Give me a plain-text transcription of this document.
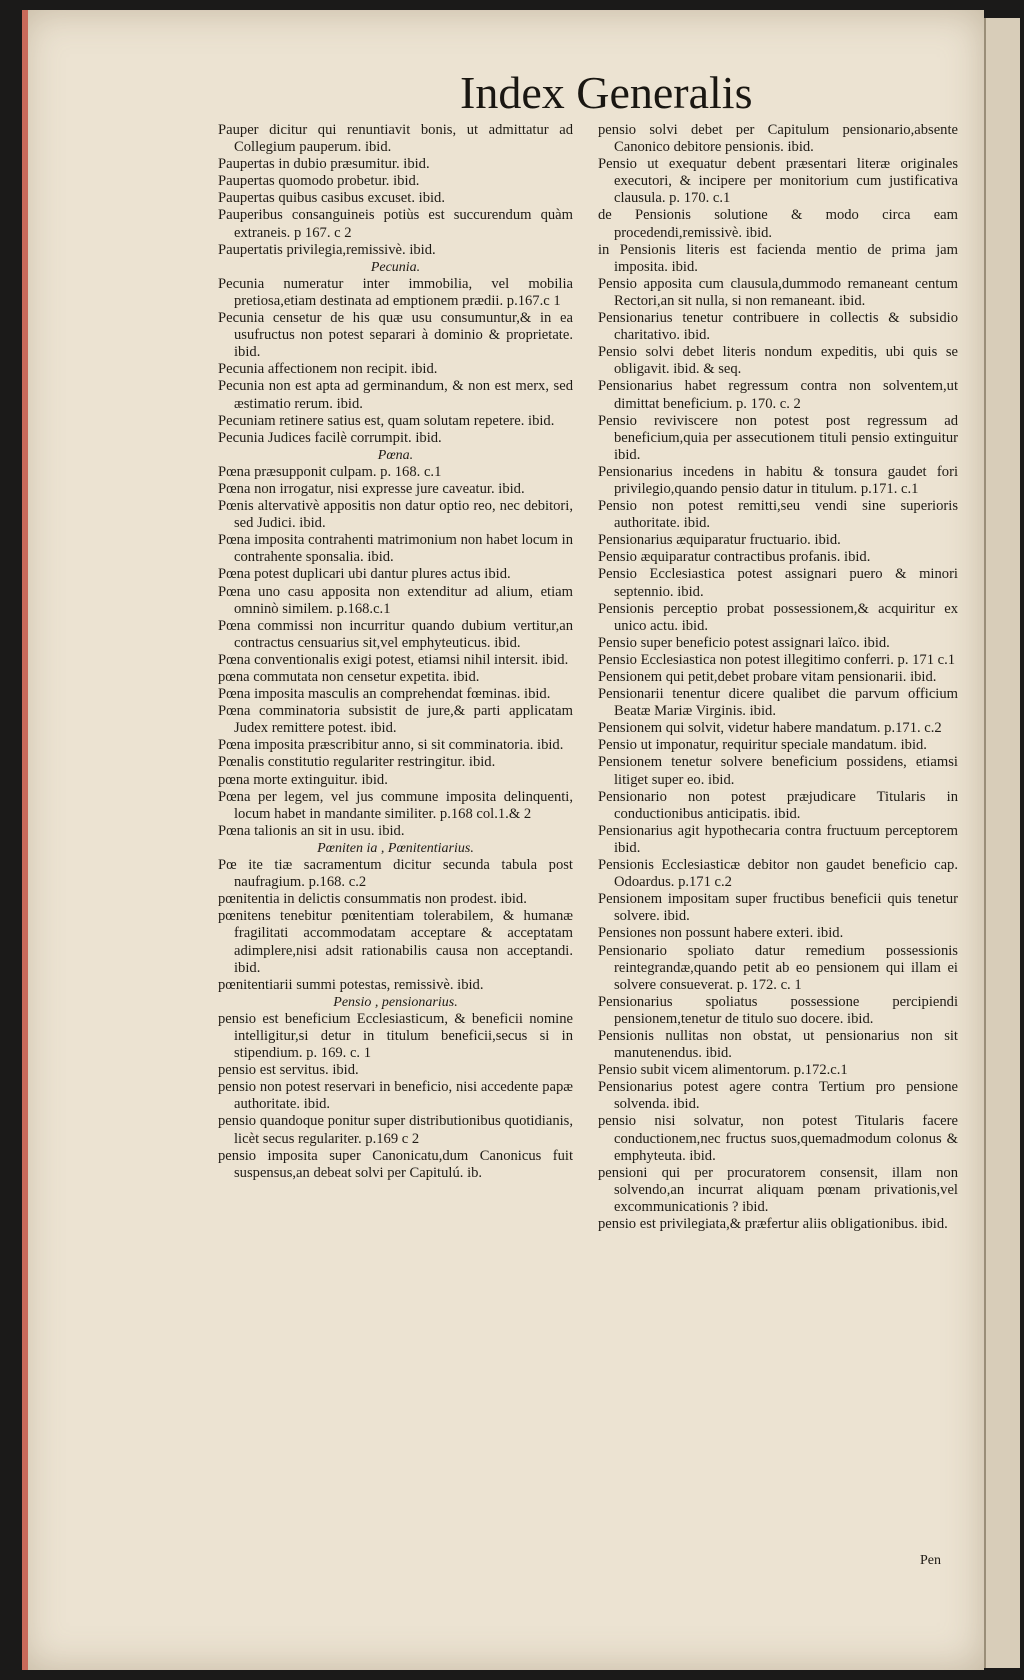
Index Generalis

Pauper dicitur qui renuntiavit bonis, ut admittatur ad Collegium pauperum. ibid.

Paupertas in dubio præsumitur. ibid.

Paupertas quomodo probetur. ibid.

Paupertas quibus casibus excuset. ibid.

Pauperibus consanguineis potiùs est succurendum quàm extraneis. p 167. c 2

Paupertatis privilegia,remissivè. ibid.

Pecunia.

Pecunia numeratur inter immobilia, vel mobilia pretiosa,etiam destinata ad emptionem prædii. p.167.c 1

Pecunia censetur de his quæ usu consumuntur,& in ea usufructus non potest separari à dominio & proprietate. ibid.

Pecunia affectionem non recipit. ibid.

Pecunia non est apta ad germinandum, & non est merx, sed æstimatio rerum. ibid.

Pecuniam retinere satius est, quam solutam repetere. ibid.

Pecunia Judices facilè corrumpit. ibid.

Pœna.

Pœna præsupponit culpam. p. 168. c.1

Pœna non irrogatur, nisi expresse jure caveatur. ibid.

Pœnis altervativè appositis non datur optio reo, nec debitori, sed Judici. ibid.

Pœna imposita contrahenti matrimonium non habet locum in contrahente sponsalia. ibid.

Pœna potest duplicari ubi dantur plures actus ibid.

Pœna uno casu apposita non extenditur ad alium, etiam omninò similem. p.168.c.1

Pœna commissi non incurritur quando dubium vertitur,an contractus censuarius sit,vel emphyteuticus. ibid.

Pœna conventionalis exigi potest, etiamsi nihil intersit. ibid.

pœna commutata non censetur expetita. ibid.

Pœna imposita masculis an comprehendat fœminas. ibid.

Pœna comminatoria subsistit de jure,& parti applicatam Judex remittere potest. ibid.

Pœna imposita præscribitur anno, si sit comminatoria. ibid.

Pœnalis constitutio regulariter restringitur. ibid.

pœna morte extinguitur. ibid.

Pœna per legem, vel jus commune imposita delinquenti, locum habet in mandante similiter. p.168 col.1.& 2

Pœna talionis an sit in usu. ibid.

Pœniten ia , Pœnitentiarius.

Pœ ite tiæ sacramentum dicitur secunda tabula post naufragium. p.168. c.2

pœnitentia in delictis consummatis non prodest. ibid.

pœnitens tenebitur pœnitentiam tolerabilem, & humanæ fragilitati accommodatam acceptare & acceptatam adimplere,nisi adsit rationabilis causa non acceptandi. ibid.

pœnitentiarii summi potestas, remissivè. ibid.

Pensio , pensionarius.

pensio est beneficium Ecclesiasticum, & beneficii nomine intelligitur,si detur in titulum beneficii,secus si in stipendium. p. 169. c. 1

pensio est servitus. ibid.

pensio non potest reservari in beneficio, nisi accedente papæ authoritate. ibid.

pensio quandoque ponitur super distributionibus quotidianis, licèt secus regulariter. p.169 c 2

pensio imposita super Canonicatu,dum Canonicus fuit suspensus,an debeat solvi per Capitulú. ib.

pensio solvi debet per Capitulum pensionario,absente Canonico debitore pensionis. ibid.

Pensio ut exequatur debent præsentari literæ originales executori, & incipere per monitorium cum justificativa clausula. p. 170. c.1

de Pensionis solutione & modo circa eam procedendi,remissivè. ibid.

in Pensionis literis est facienda mentio de prima jam imposita. ibid.

Pensio apposita cum clausula,dummodo remaneant centum Rectori,an sit nulla, si non remaneant. ibid.

Pensionarius tenetur contribuere in collectis & subsidio charitativo. ibid.

Pensio solvi debet literis nondum expeditis, ubi quis se obligavit. ibid. & seq.

Pensionarius habet regressum contra non solventem,ut dimittat beneficium. p. 170. c. 2

Pensio reviviscere non potest post regressum ad beneficium,quia per assecutionem tituli pensio extinguitur ibid.

Pensionarius incedens in habitu & tonsura gaudet fori privilegio,quando pensio datur in titulum. p.171. c.1

Pensio non potest remitti,seu vendi sine superioris authoritate. ibid.

Pensionarius æquiparatur fructuario. ibid.

Pensio æquiparatur contractibus profanis. ibid.

Pensio Ecclesiastica potest assignari puero & minori septennio. ibid.

Pensionis perceptio probat possessionem,& acquiritur ex unico actu. ibid.

Pensio super beneficio potest assignari laïco. ibid.

Pensio Ecclesiastica non potest illegitimo conferri. p. 171 c.1

Pensionem qui petit,debet probare vitam pensionarii. ibid.

Pensionarii tenentur dicere qualibet die parvum officium Beatæ Mariæ Virginis. ibid.

Pensionem qui solvit, videtur habere mandatum. p.171. c.2

Pensio ut imponatur, requiritur speciale mandatum. ibid.

Pensionem tenetur solvere beneficium possidens, etiamsi litiget super eo. ibid.

Pensionario non potest præjudicare Titularis in conductionibus anticipatis. ibid.

Pensionarius agit hypothecaria contra fructuum perceptorem ibid.

Pensionis Ecclesiasticæ debitor non gaudet beneficio cap. Odoardus. p.171 c.2

Pensionem impositam super fructibus beneficii quis tenetur solvere. ibid.

Pensiones non possunt habere exteri. ibid.

Pensionario spoliato datur remedium possessionis reintegrandæ,quando petit ab eo pensionem qui illam ei solvere consueverat. p. 172. c. 1

Pensionarius spoliatus possessione percipiendi pensionem,tenetur de titulo suo docere. ibid.

Pensionis nullitas non obstat, ut pensionarius non sit manutenendus. ibid.

Pensio subit vicem alimentorum. p.172.c.1

Pensionarius potest agere contra Tertium pro pensione solvenda. ibid.

pensio nisi solvatur, non potest Titularis facere conductionem,nec fructus suos,quemadmodum colonus & emphyteuta. ibid.

pensioni qui per procuratorem consensit, illam non solvendo,an incurrat aliquam pœnam privationis,vel excommunicationis ? ibid.

pensio est privilegiata,& præfertur aliis obligationibus. ibid.

Pen
